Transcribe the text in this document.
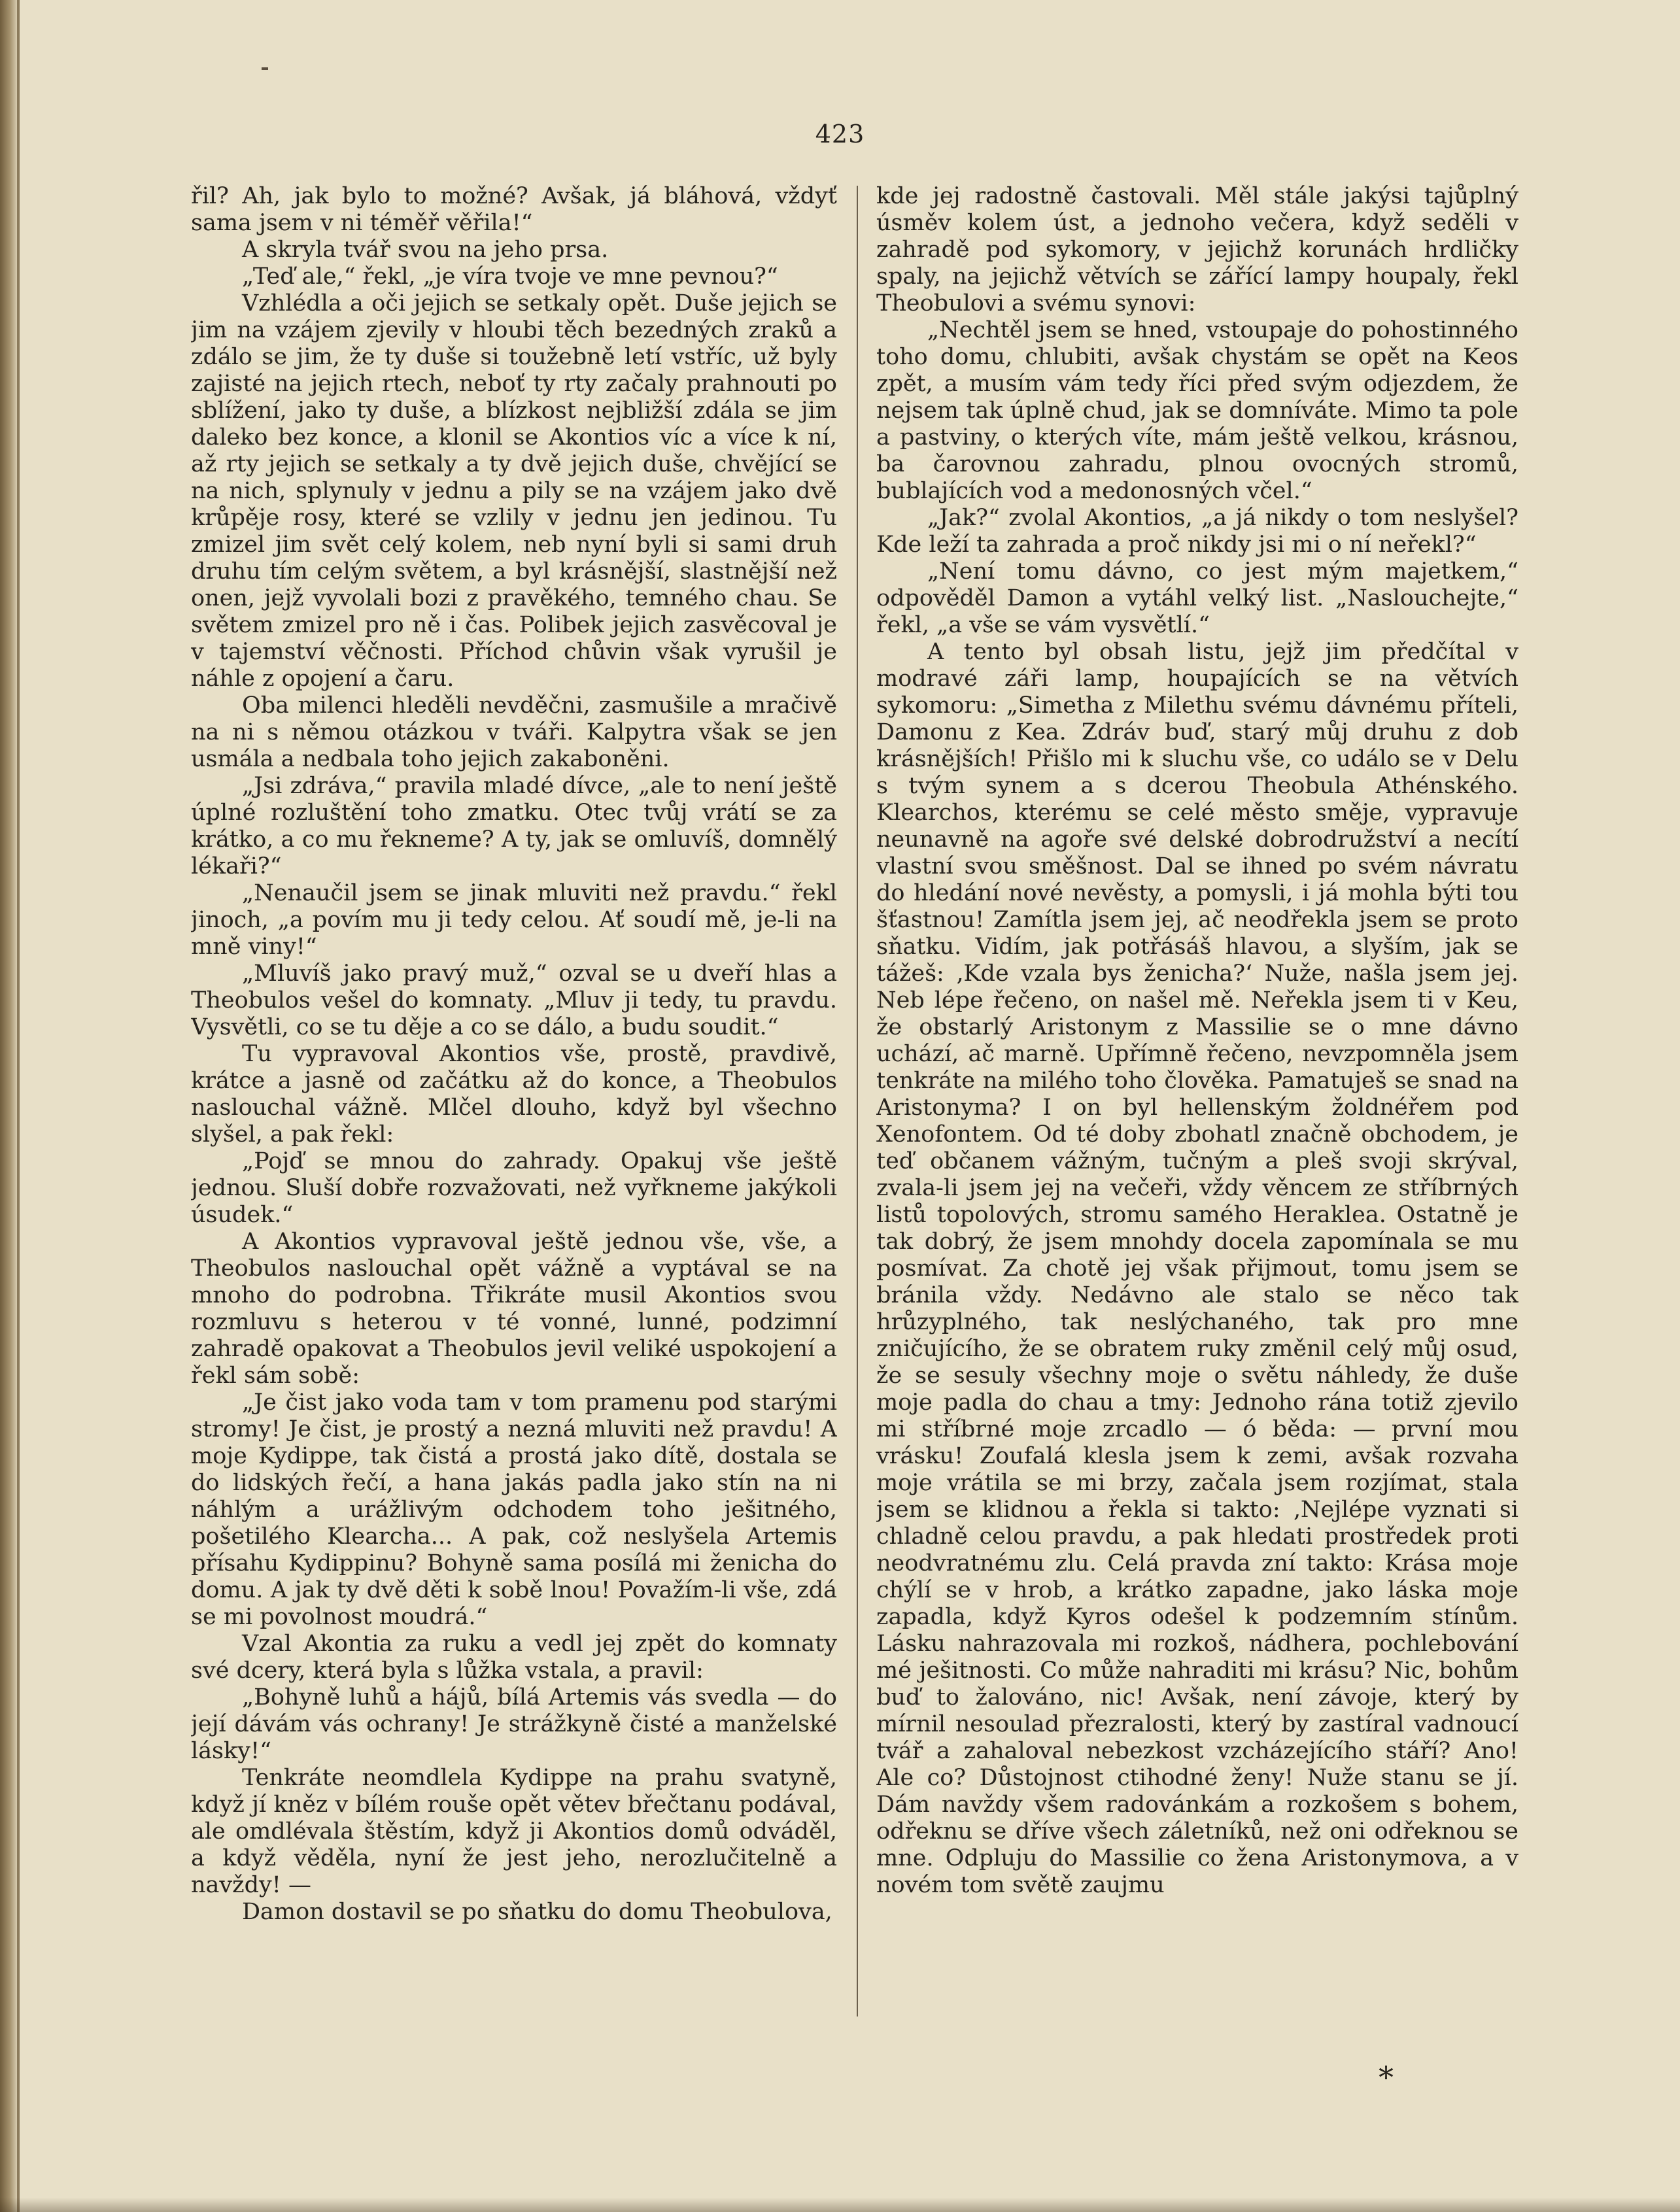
423

řil? Ah, jak bylo to možné? Avšak, já bláhová, vždyť sama jsem v ni téměř věřila!“

A skryla tvář svou na jeho prsa.

„Teď ale,“ řekl, „je víra tvoje ve mne pevnou?“

Vzhlédla a oči jejich se setkaly opět. Duše jejich se jim na vzájem zjevily v hloubi těch bezedných zraků a zdálo se jim, že ty duše si toužebně letí vstříc, už byly zajisté na jejich rtech, neboť ty rty začaly prahnouti po sblížení, jako ty duše, a blízkost nejbližší zdála se jim daleko bez konce, a klonil se Akontios víc a více k ní, až rty jejich se setkaly a ty dvě jejich duše, chvějící se na nich, splynuly v jednu a pily se na vzájem jako dvě krůpěje rosy, které se vzlily v jednu jen jedinou. Tu zmizel jim svět celý kolem, neb nyní byli si sami druh druhu tím celým světem, a byl krásnější, slastnější než onen, jejž vyvolali bozi z pravěkého, temného chau. Se světem zmizel pro ně i čas. Polibek jejich zasvěcoval je v tajemství věčnosti. Příchod chůvin však vyrušil je náhle z opojení a čaru.

Oba milenci hleděli nevděčni, zasmušile a mračivě na ni s němou otázkou v tváři. Kalpytra však se jen usmála a nedbala toho jejich zakaboněni.

„Jsi zdráva,“ pravila mladé dívce, „ale to není ještě úplné rozluštění toho zmatku. Otec tvůj vrátí se za krátko, a co mu řekneme? A ty, jak se omluvíš, domnělý lékaři?“

„Nenaučil jsem se jinak mluviti než pravdu.“ řekl jinoch, „a povím mu ji tedy celou. Ať soudí mě, je-li na mně viny!“

„Mluvíš jako pravý muž,“ ozval se u dveří hlas a Theobulos vešel do komnaty. „Mluv ji tedy, tu pravdu. Vysvětli, co se tu děje a co se dálo, a budu soudit.“

Tu vypravoval Akontios vše, prostě, pravdivě, krátce a jasně od začátku až do konce, a Theobulos naslouchal vážně. Mlčel dlouho, když byl všechno slyšel, a pak řekl:

„Pojď se mnou do zahrady. Opakuj vše ještě jednou. Sluší dobře rozvažovati, než vyřkneme jakýkoli úsudek.“

A Akontios vypravoval ještě jednou vše, vše, a Theobulos naslouchal opět vážně a vyptával se na mnoho do podrobna. Třikráte musil Akontios svou rozmluvu s heterou v té vonné, lunné, podzimní zahradě opakovat a Theobulos jevil veliké uspokojení a řekl sám sobě:

„Je čist jako voda tam v tom pramenu pod starými stromy! Je čist, je prostý a nezná mluviti než pravdu! A moje Kydippe, tak čistá a prostá jako dítě, dostala se do lidských řečí, a hana jakás padla jako stín na ni náhlým a urážlivým odchodem toho ješitného, pošetilého Klearcha... A pak, což neslyšela Artemis přísahu Kydippinu? Bohyně sama posílá mi ženicha do domu. A jak ty dvě děti k sobě lnou! Považím-li vše, zdá se mi povolnost moudrá.“

Vzal Akontia za ruku a vedl jej zpět do komnaty své dcery, která byla s lůžka vstala, a pravil:

„Bohyně luhů a hájů, bílá Artemis vás svedla — do její dávám vás ochrany! Je strážkyně čisté a manželské lásky!“

Tenkráte neomdlela Kydippe na prahu svatyně, když jí kněz v bílém rouše opět větev břečtanu podával, ale omdlévala štěstím, když ji Akontios domů odváděl, a když věděla, nyní že jest jeho, nerozlučitelně a navždy! —

Damon dostavil se po sňatku do domu Theobulova,

kde jej radostně častovali. Měl stále jakýsi tajůplný úsměv kolem úst, a jednoho večera, když seděli v zahradě pod sykomory, v jejichž korunách hrdličky spaly, na jejichž větvích se zářící lampy houpaly, řekl Theobulovi a svému synovi:

„Nechtěl jsem se hned, vstoupaje do pohostinného toho domu, chlubiti, avšak chystám se opět na Keos zpět, a musím vám tedy říci před svým odjezdem, že nejsem tak úplně chud, jak se domníváte. Mimo ta pole a pastviny, o kterých víte, mám ještě velkou, krásnou, ba čarovnou zahradu, plnou ovocných stromů, bublajících vod a medonosných včel.“

„Jak?“ zvolal Akontios, „a já nikdy o tom neslyšel? Kde leží ta zahrada a proč nikdy jsi mi o ní neřekl?“

„Není tomu dávno, co jest mým majetkem,“ odpověděl Damon a vytáhl velký list. „Naslouchejte,“ řekl, „a vše se vám vysvětlí.“

A tento byl obsah listu, jejž jim předčítal v modravé záři lamp, houpajících se na větvích sykomoru: „Simetha z Milethu svému dávnému příteli, Damonu z Kea. Zdráv buď, starý můj druhu z dob krásnějších! Přišlo mi k sluchu vše, co událo se v Delu s tvým synem a s dcerou Theobula Athénského. Klearchos, kterému se celé město směje, vypravuje neunavně na agoře své delské dobrodružství a necítí vlastní svou směšnost. Dal se ihned po svém návratu do hledání nové nevěsty, a pomysli, i já mohla býti tou šťastnou! Zamítla jsem jej, ač neodřekla jsem se proto sňatku. Vidím, jak potřásáš hlavou, a slyším, jak se tážeš: ‚Kde vzala bys ženicha?‘ Nuže, našla jsem jej. Neb lépe řečeno, on našel mě. Neřekla jsem ti v Keu, že obstarlý Aristonym z Massilie se o mne dávno uchází, ač marně. Upřímně řečeno, nevzpomněla jsem tenkráte na milého toho člověka. Pamatuješ se snad na Aristonyma? I on byl hellenským žoldnéřem pod Xenofontem. Od té doby zbohatl značně obchodem, je teď občanem vážným, tučným a pleš svoji skrýval, zvala-li jsem jej na večeři, vždy věncem ze stříbrných listů topolových, stromu samého Heraklea. Ostatně je tak dobrý, že jsem mnohdy docela zapomínala se mu posmívat. Za chotě jej však přijmout, tomu jsem se bránila vždy. Nedávno ale stalo se něco tak hrůzyplného, tak neslýchaného, tak pro mne zničujícího, že se obratem ruky změnil celý můj osud, že se sesuly všechny moje o světu náhledy, že duše moje padla do chau a tmy: Jednoho rána totiž zjevilo mi stříbrné moje zrcadlo — ó běda: — první mou vrásku! Zoufalá klesla jsem k zemi, avšak rozvaha moje vrátila se mi brzy, začala jsem rozjímat, stala jsem se klidnou a řekla si takto: ‚Nejlépe vyznati si chladně celou pravdu, a pak hledati prostředek proti neodvratnému zlu. Celá pravda zní takto: Krása moje chýlí se v hrob, a krátko zapadne, jako láska moje zapadla, když Kyros odešel k podzemním stínům. Lásku nahrazovala mi rozkoš, nádhera, pochlebování mé ješitnosti. Co může nahraditi mi krásu? Nic, bohům buď to žalováno, nic! Avšak, není závoje, který by mírnil nesoulad přezralosti, který by zastíral vadnoucí tvář a zahaloval nebezkost vzcházejícího stáří? Ano! Ale co? Důstojnost ctihodné ženy! Nuže stanu se jí. Dám navždy všem radovánkám a rozkošem s bohem, odřeknu se dříve všech záletníků, než oni odřeknou se mne. Odpluju do Massilie co žena Aristonymova, a v novém tom světě zaujmu

*
